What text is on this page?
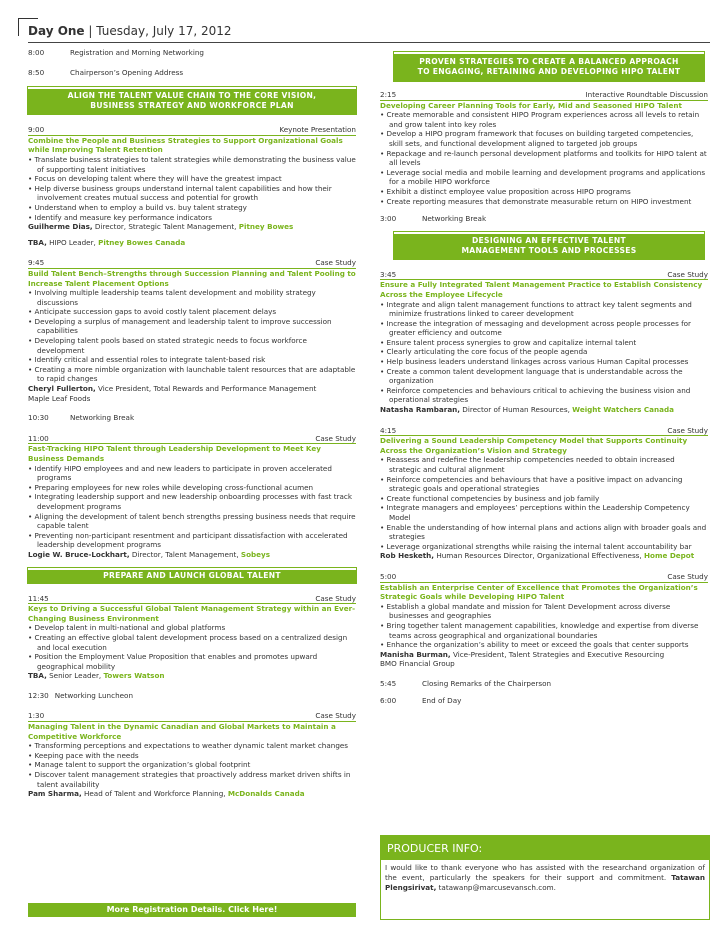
Day One | Tuesday, July 17, 2012
8:00	Registration and Morning Networking
8:50	Chairperson’s Opening Address
ALIGN THE TALENT VALUE CHAIN TO THE CORE VISION,
BUSINESS STRATEGY AND WORKFORCE PLAN
9:00	Keynote Presentation
Combine the People and Business Strategies to Support Organizational Goals while Improving Talent Retention
• Translate business strategies to talent strategies while demonstrating the business value of supporting talent initiatives
• Focus on developing talent where they will have the greatest impact
• Help diverse business groups understand internal talent capabilities and how their involvement creates mutual success and potential for growth
• Understand when to employ a build vs. buy talent strategy
• Identify and measure key performance indicators
Guilherme Dias, Director, Strategic Talent Management, Pitney Bowes
TBA, HIPO Leader, Pitney Bowes Canada
9:45	Case Study
Build Talent Bench–Strengths through Succession Planning and Talent Pooling to Increase Talent Placement Options
• Involving multiple leadership teams talent development and mobility strategy discussions
• Anticipate succession gaps to avoid costly talent placement delays
• Developing a surplus of management and leadership talent to improve succession capabilities
• Developing talent pools based on stated strategic needs to focus workforce development
• Identify critical and essential roles to integrate talent-based risk
• Creating a more nimble organization with launchable talent resources that are adaptable to rapid changes
Cheryl Fullerton, Vice President, Total Rewards and Performance Management
Maple Leaf Foods
10:30	Networking Break
11:00	Case Study
Fast-Tracking HIPO Talent through Leadership Development to Meet Key Business Demands
• Identify HIPO employees and and new leaders to participate in proven accelerated programs
• Preparing employees for new roles while developing cross-functional acumen
• Integrating leadership support and new leadership onboarding processes with fast track development programs
• Aligning the development of talent bench strengths pressing business needs that require capable talent
• Preventing non-participant resentment and participant dissatisfaction with accelerated leadership development programs
Logie W. Bruce-Lockhart, Director, Talent Management, Sobeys
PREPARE AND LAUNCH GLOBAL TALENT
11:45	Case Study
Keys to Driving a Successful Global Talent Management Strategy within an Ever-Changing Business Environment
• Develop talent in multi-national and global platforms
• Creating an effective global talent development process based on a centralized design and local execution
• Position the Employment Value Proposition that enables and promotes upward geographical mobility
TBA, Senior Leader, Towers Watson
12:30 Networking Luncheon
1:30	Case Study
Managing Talent in the Dynamic Canadian and Global Markets to Maintain a Competitive Workforce
• Transforming perceptions and expectations to weather dynamic talent market changes
• Keeping pace with the needs
• Manage talent to support the organization’s global footprint
• Discover talent management strategies that proactively address market driven shifts in talent availability
Pam Sharma, Head of Talent and Workforce Planning, McDonalds Canada
More Registration Details. Click Here!
PROVEN STRATEGIES TO CREATE A BALANCED APPROACH
TO ENGAGING, RETAINING AND DEVELOPING HIPO TALENT
2:15	Interactive Roundtable Discussion
Developing Career Planning Tools for Early, Mid and Seasoned HIPO Talent
• Create memorable and consistent HIPO Program experiences across all levels to retain and grow talent into key roles
• Develop a HIPO program framework that focuses on building targeted competencies, skill sets, and functional development aligned to targeted job groups
• Repackage and re-launch personal development platforms and toolkits for HIPO talent at all levels
• Leverage social media and mobile learning and development programs and applications for a mobile HIPO workforce
• Exhibit a distinct employee value proposition across HIPO programs
• Create reporting measures that demonstrate measurable return on HIPO investment
3:00	Networking Break
DESIGNING AN EFFECTIVE TALENT
MANAGEMENT TOOLS AND PROCESSES
3:45	Case Study
Ensure a Fully Integrated Talent Management Practice to Establish Consistency Across the Employee Lifecycle
• Integrate and align talent management functions to attract key talent segments and minimize frustrations linked to career development
• Increase the integration of messaging and development across people processes for greater efficiency and outcome
• Ensure talent process synergies to grow and capitalize internal talent
• Clearly articulating the core focus of the people agenda
• Help business leaders understand linkages across various Human Capital processes
• Create a common talent development language that is understandable across the organization
• Reinforce competencies and behaviours critical to achieving the business vision and operational strategies
Natasha Rambaran, Director of Human Resources, Weight Watchers Canada
4:15	Case Study
Delivering a Sound Leadership Competency Model that Supports Continuity Across the Organization’s Vision and Strategy
• Reassess and redefine the leadership competencies needed to obtain increased strategic and cultural alignment
• Reinforce competencies and behaviours that have a positive impact on advancing strategic goals and operational strategies
• Create functional competencies by business and job family
• Integrate managers and employees’ perceptions within the Leadership Competency Model
• Enable the understanding of how internal plans and actions align with broader goals and strategies
• Leverage organizational strengths while raising the internal talent accountability bar
Rob Hesketh, Human Resources Director, Organizational Effectiveness, Home Depot
5:00	Case Study
Establish an Enterprise Center of Excellence that Promotes the Organization’s Strategic Goals while Developing HIPO Talent
• Establish a global mandate and mission for Talent Development across diverse businesses and geographies
• Bring together talent management capabilities, knowledge and expertise from diverse teams across geographical and organizational boundaries
• Enhance the organization’s ability to meet or exceed the goals that center supports
Manisha Burman, Vice-President, Talent Strategies and Executive Resourcing
BMO Financial Group
5:45	Closing Remarks of the Chairperson
6:00	End of Day
PRODUCER INFO:
I would like to thank everyone who has assisted with the researchand organization of the event, particularly the speakers for their support and commitment. Tatawan Plengsirivat, tatawanp@marcusevansch.com.
